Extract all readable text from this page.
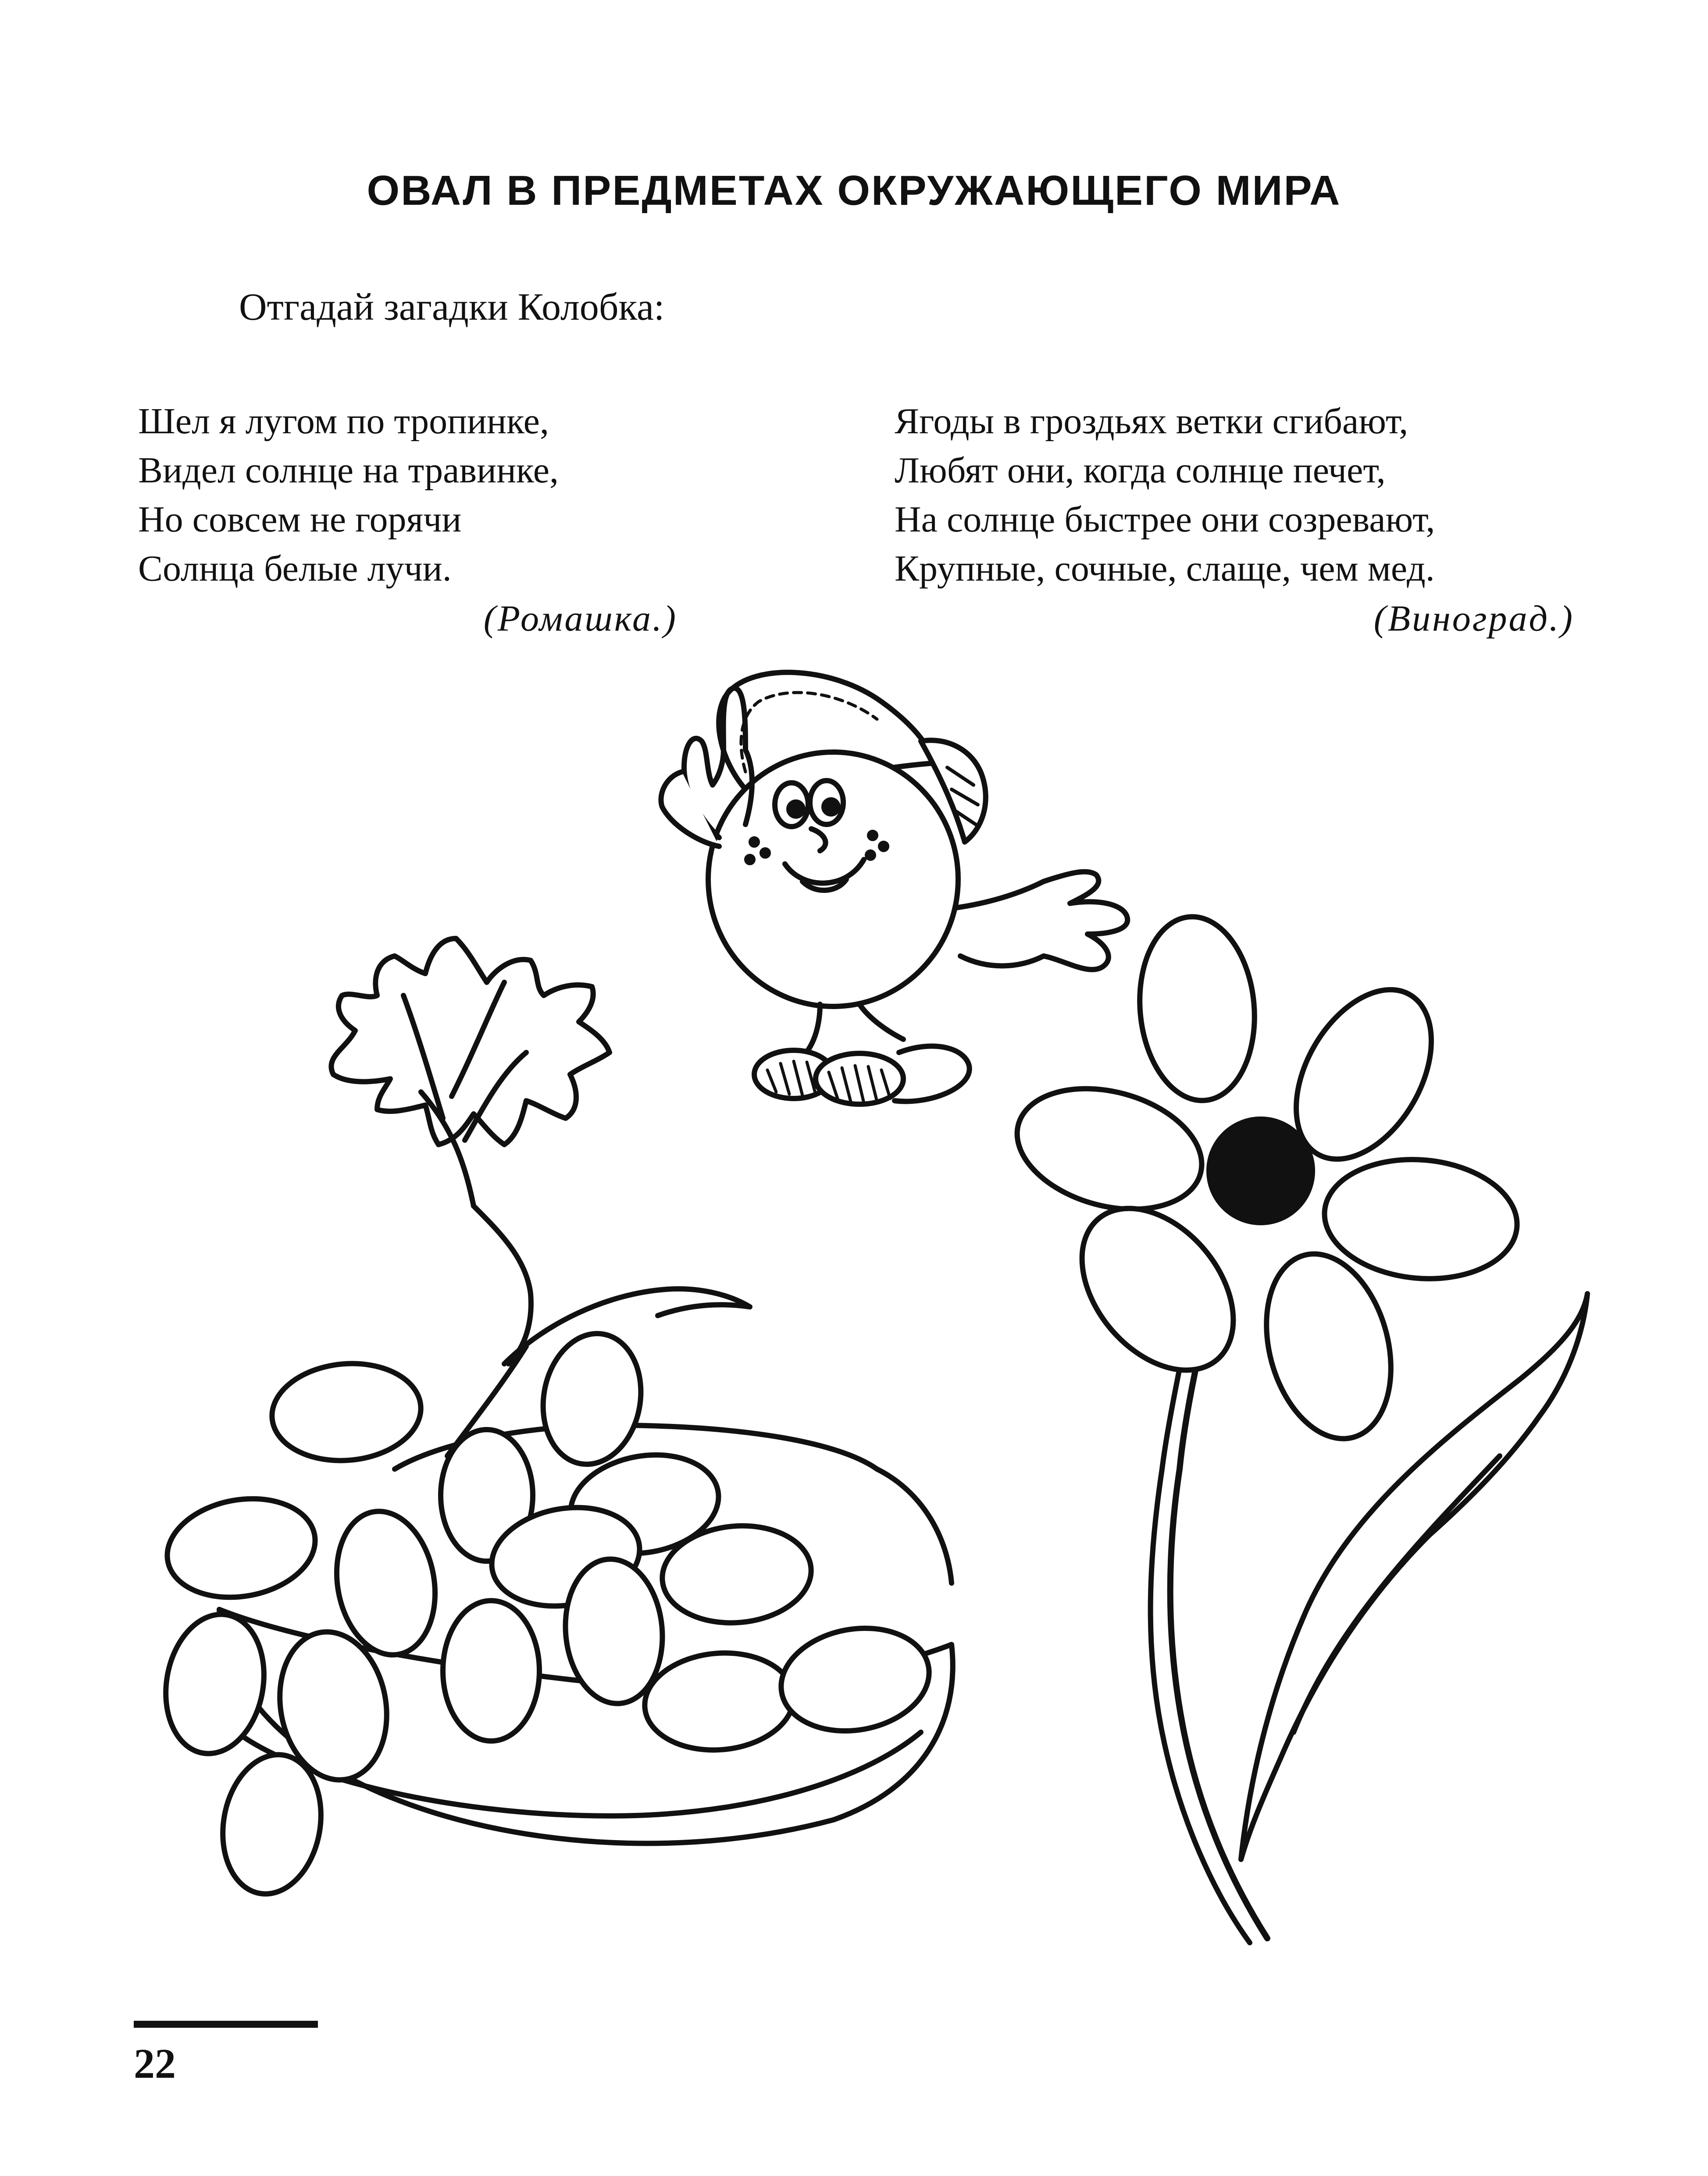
ОВАЛ В ПРЕДМЕТАХ ОКРУЖАЮЩЕГО МИРА

Отгадай загадки Колобка:

Шел я лугом по тропинке,
Видел солнце на травинке,
Но совсем не горячи
Солнца белые лучи.
(Ромашка.)
Ягоды в гроздьях ветки сгибают,
Любят они, когда солнце печет,
На солнце быстрее они созревают,
Крупные, сочные, слаще, чем мед.
(Виноград.)
22
